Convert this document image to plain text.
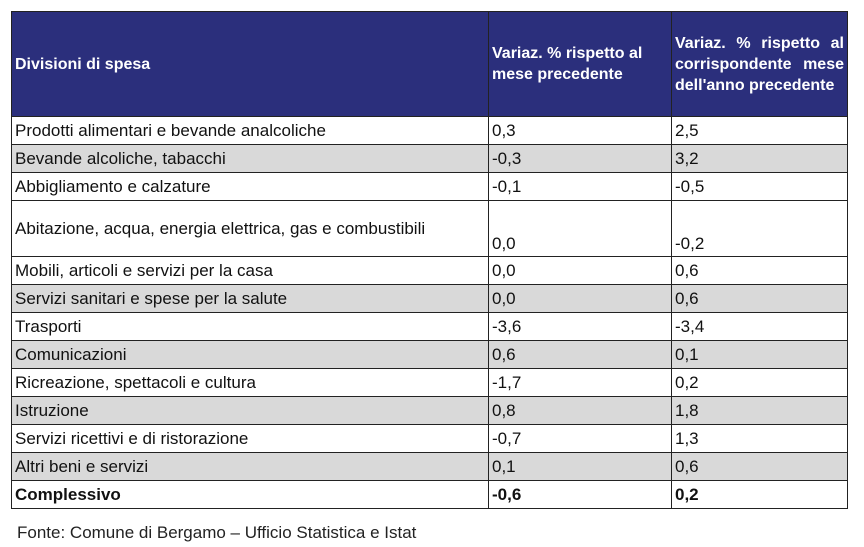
Divisioni di spesa	Variaz. % rispetto al mese precedente	Variaz. % rispetto al corrispondente mese dell'anno precedente
Prodotti alimentari e bevande analcoliche	0,3	2,5
Bevande alcoliche, tabacchi	-0,3	3,2
Abbigliamento e calzature	-0,1	-0,5
Abitazione, acqua, energia elettrica, gas e combustibili	0,0	-0,2
Mobili, articoli e servizi per la casa	0,0	0,6
Servizi sanitari e spese per la salute	0,0	0,6
Trasporti	-3,6	-3,4
Comunicazioni	0,6	0,1
Ricreazione, spettacoli e cultura	-1,7	0,2
Istruzione	0,8	1,8
Servizi ricettivi e di ristorazione	-0,7	1,3
Altri beni e servizi	0,1	0,6
Complessivo	-0,6	0,2
Fonte: Comune di Bergamo – Ufficio Statistica e Istat
